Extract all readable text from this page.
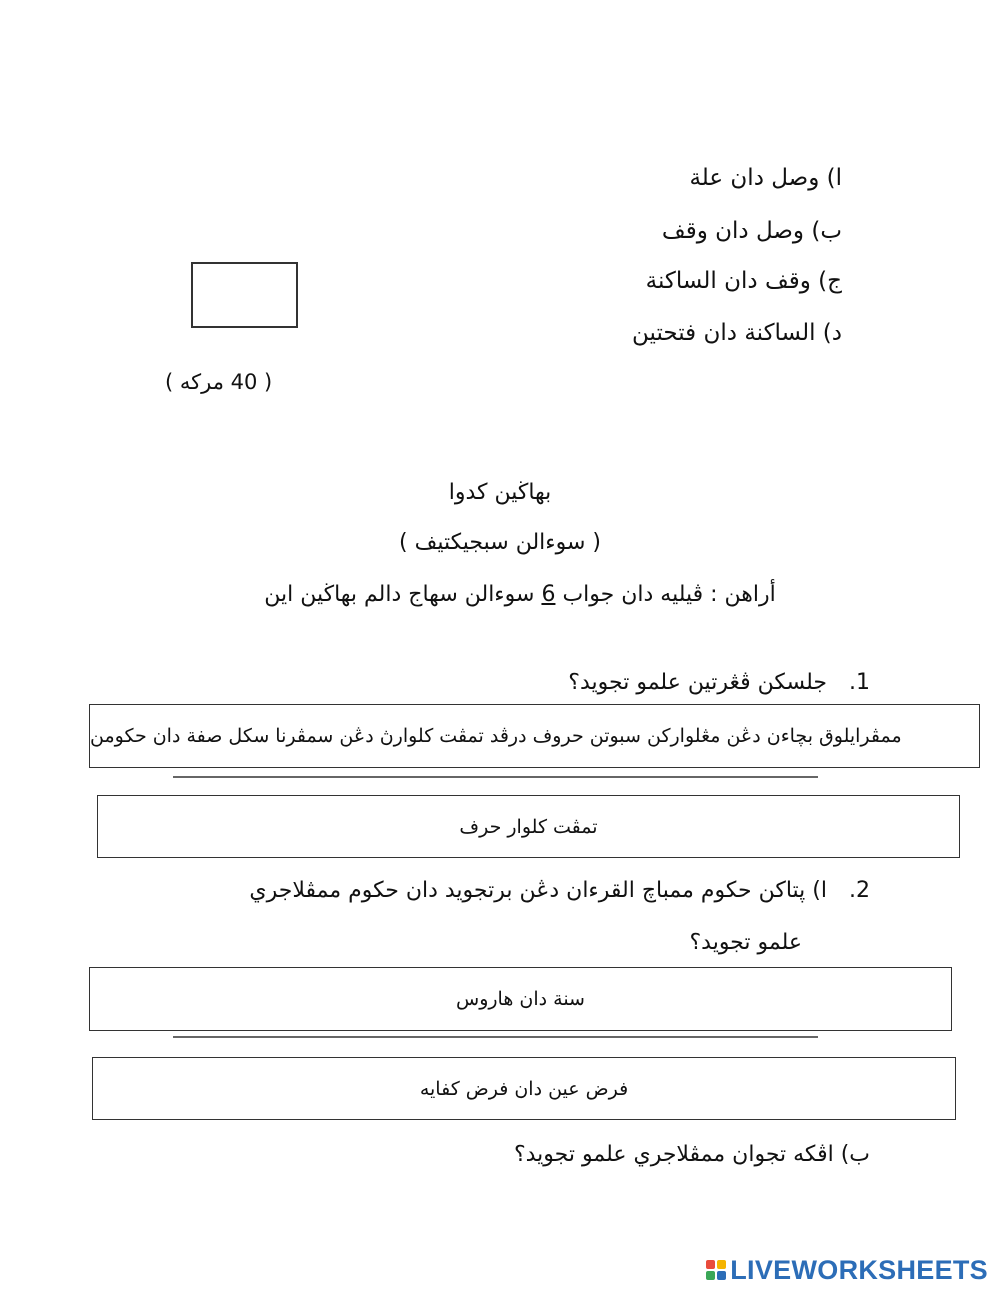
ا) وصل دان علة
ب) وصل دان وقف
ج) وقف دان الساكنة
د) الساكنة دان فتحتين
( 40 مركه )
بهاڬين كدوا
( سوءالن سبجيكتيف )
أراهن : ڤيليه دان جواب 6 سوءالن سهاج دالم بهاڬين اين
1.جلسكن ڤڠرتين علمو تجويد؟
ممڤرايلوق بچاءن دڠن مڠلوارکن سبوتن حروف درڤد تمڤت کلوارڽ دڠن سمڤرنا سکل صفة دان حکومن
تمڤت کلوار حرف
2.ا) ڽتاكن حكوم ممباچ القرءان دڠن برتجويد دان حكوم ممڤلاجري
علمو تجويد؟
سنة دان هاروس
فرض عين دان فرض كفايه
ب) اڤكه تجوان ممڤلاجري علمو تجويد؟
LIVEWORKSHEETS
